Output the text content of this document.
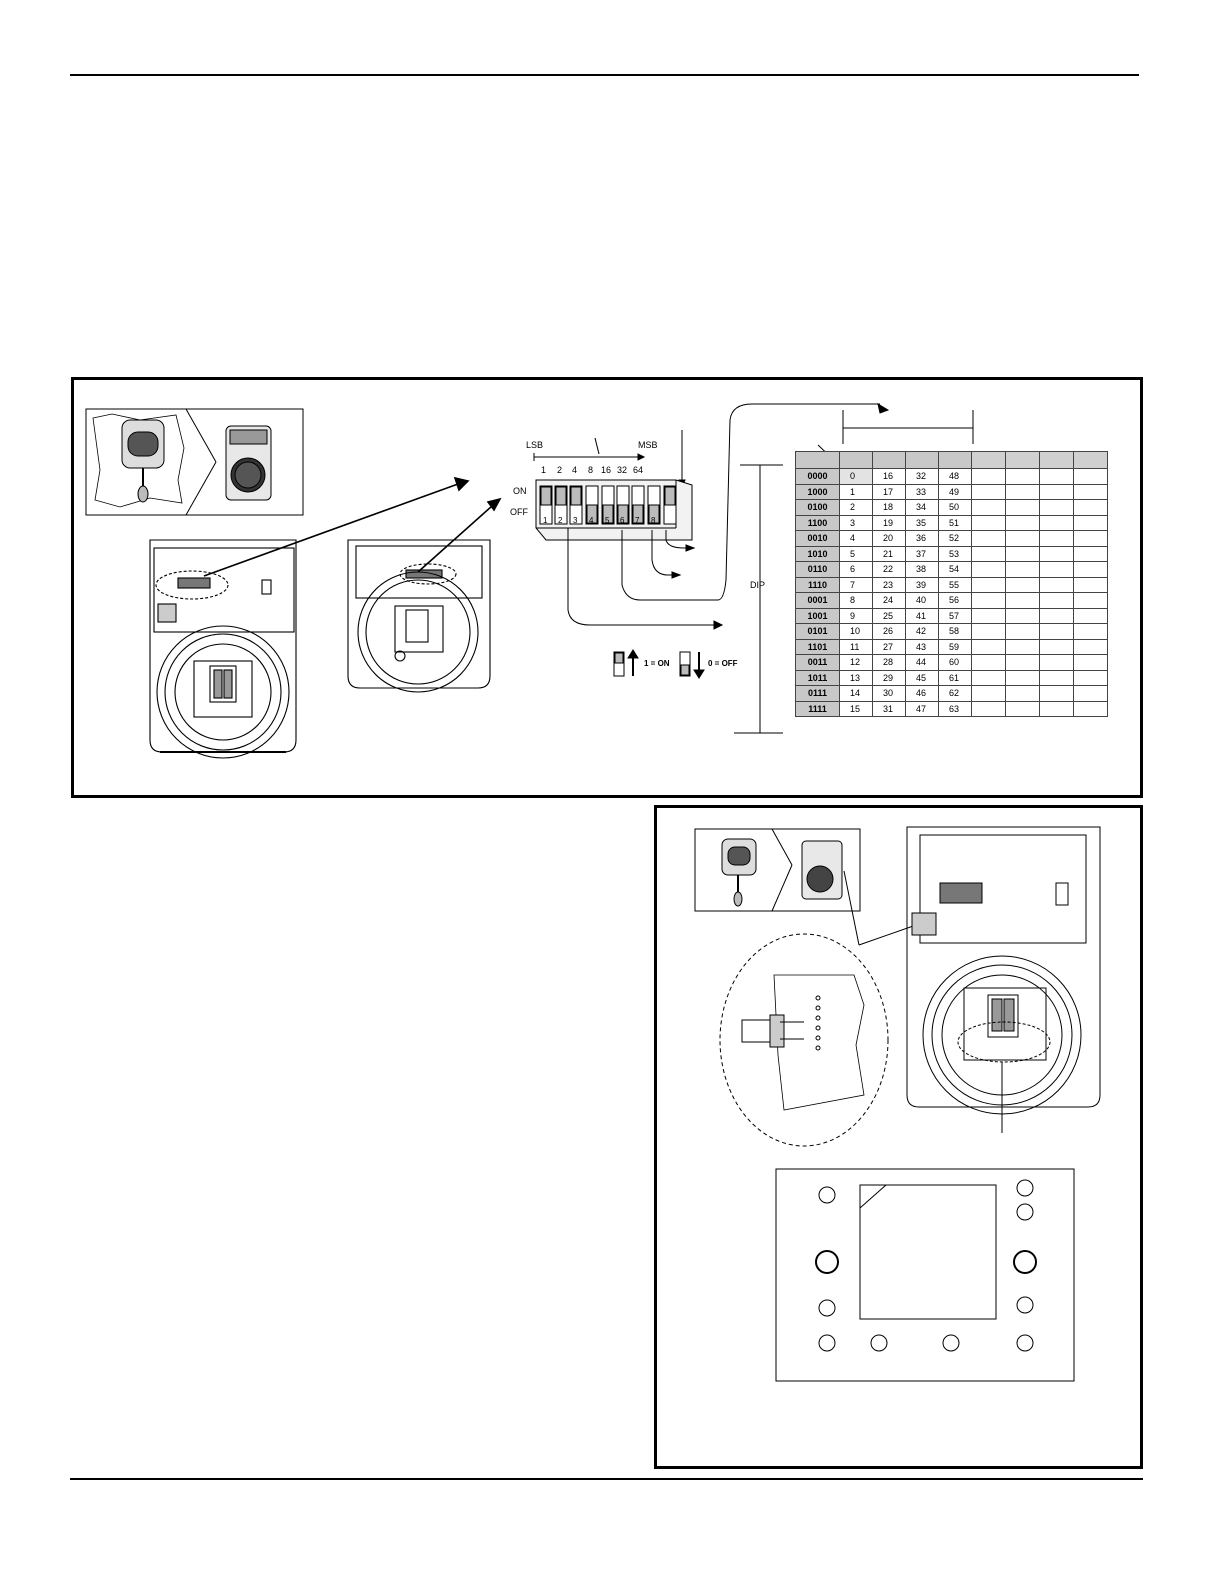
LSB	MSB
1 2 4 8 16 32 64
ON
OFF
1 2 3 4 5 6 7 8
1 = ON	0 = OFF
DIP

0000	0	16	32	48				
1000	1	17	33	49				
0100	2	18	34	50				
1100	3	19	35	51				
0010	4	20	36	52				
1010	5	21	37	53				
0110	6	22	38	54				
1110	7	23	39	55				
0001	8	24	40	56				
1001	9	25	41	57				
0101	10	26	42	58				
1101	11	27	43	59				
0011	12	28	44	60				
1011	13	29	45	61				
0111	14	30	46	62				
1111	15	31	47	63				
